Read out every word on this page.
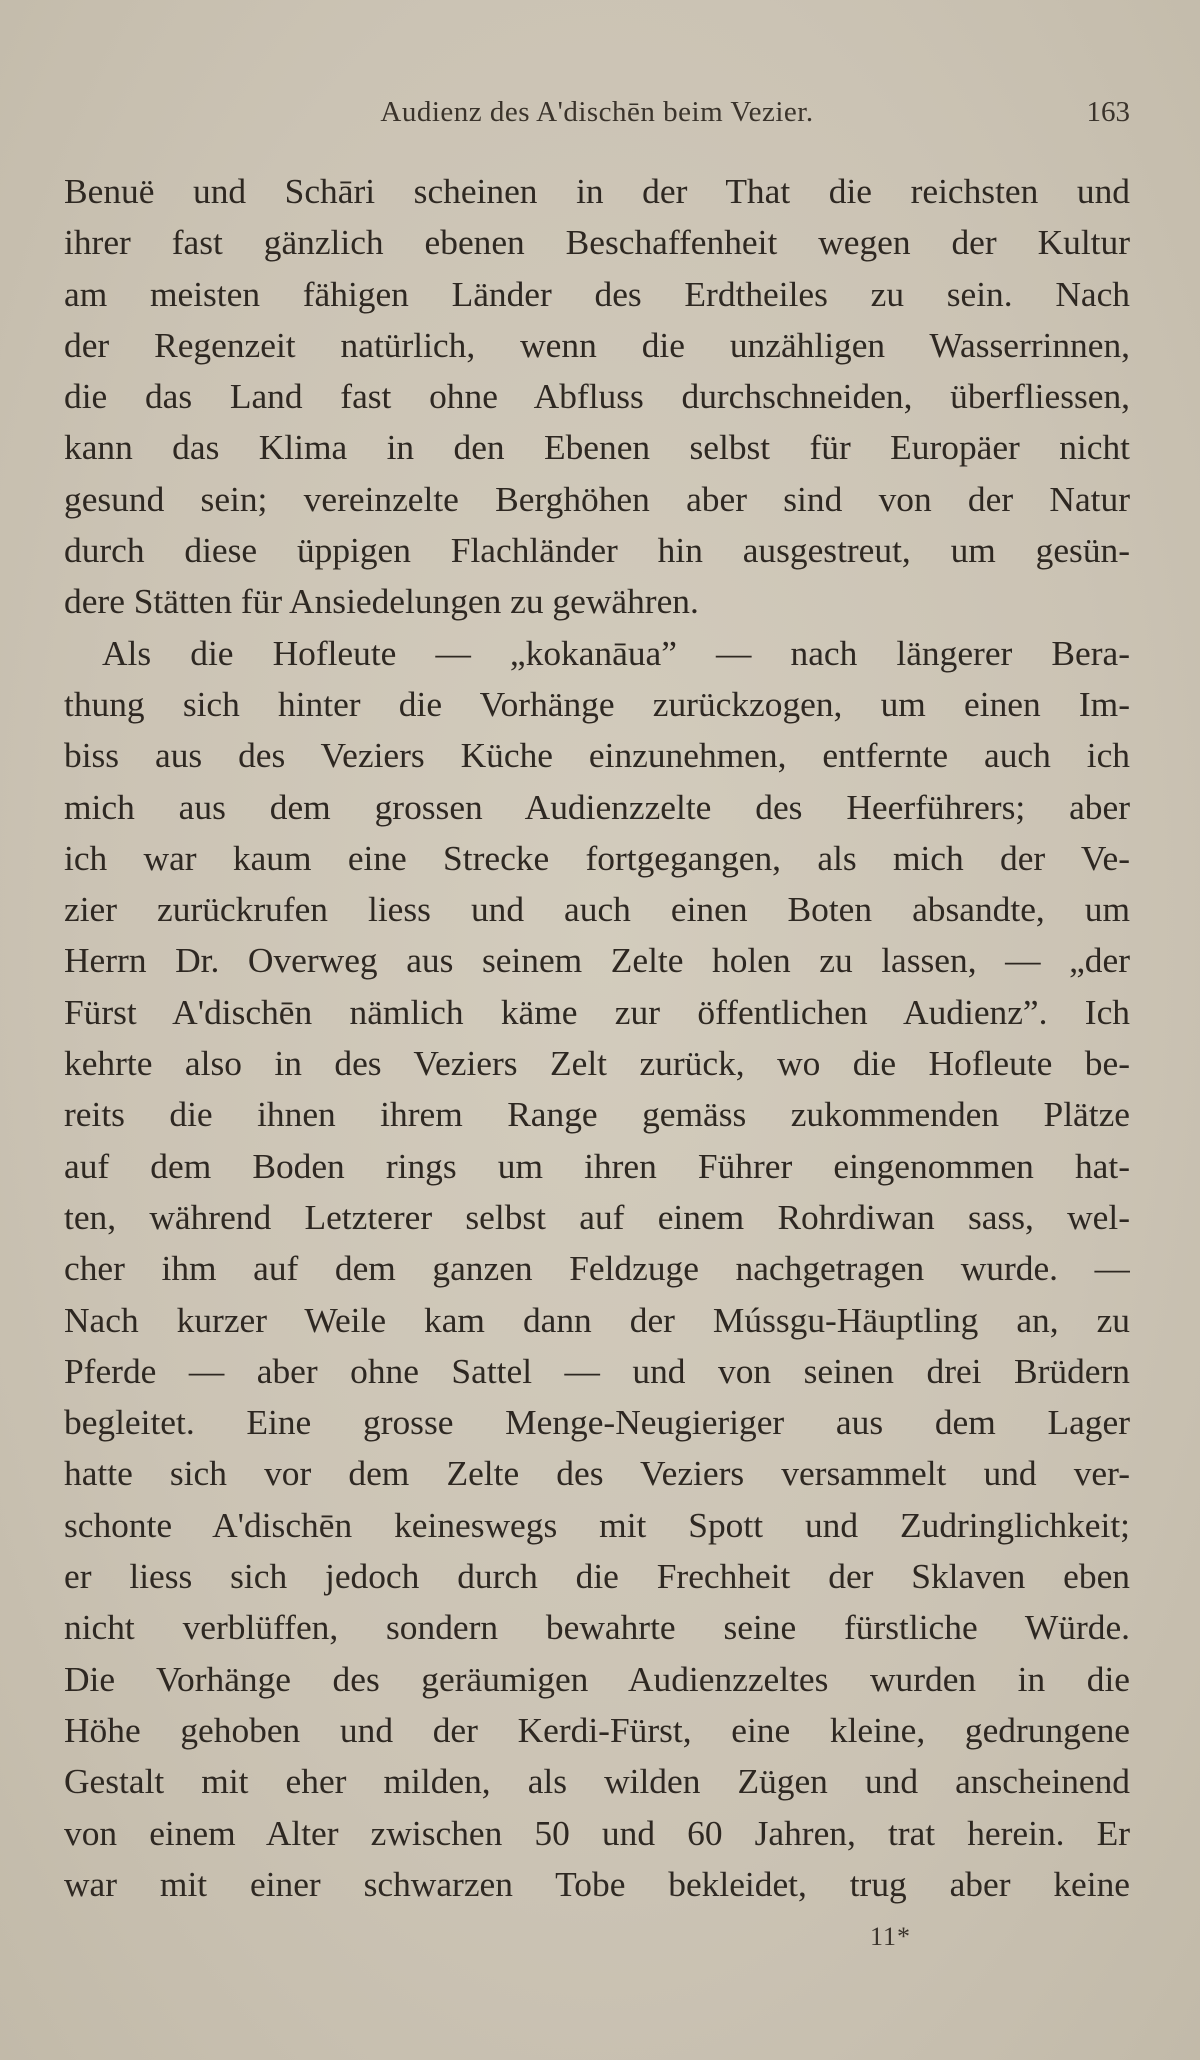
Audienz des A'dischēn beim Vezier.	163
Benuë und Schāri scheinen in der That die reichsten und
ihrer fast gänzlich ebenen Beschaffenheit wegen der Kultur
am meisten fähigen Länder des Erdtheiles zu sein. Nach
der Regenzeit natürlich, wenn die unzähligen Wasserrinnen,
die das Land fast ohne Abfluss durchschneiden, überfliessen,
kann das Klima in den Ebenen selbst für Europäer nicht
gesund sein; vereinzelte Berghöhen aber sind von der Natur
durch diese üppigen Flachländer hin ausgestreut, um gesün-
dere Stätten für Ansiedelungen zu gewähren.
Als die Hofleute — „kokanāua” — nach längerer Bera-
thung sich hinter die Vorhänge zurückzogen, um einen Im-
biss aus des Veziers Küche einzunehmen, entfernte auch ich
mich aus dem grossen Audienzzelte des Heerführers; aber
ich war kaum eine Strecke fortgegangen, als mich der Ve-
zier zurückrufen liess und auch einen Boten absandte, um
Herrn Dr. Overweg aus seinem Zelte holen zu lassen, — „der
Fürst A'dischēn nämlich käme zur öffentlichen Audienz”. Ich
kehrte also in des Veziers Zelt zurück, wo die Hofleute be-
reits die ihnen ihrem Range gemäss zukommenden Plätze
auf dem Boden rings um ihren Führer eingenommen hat-
ten, während Letzterer selbst auf einem Rohrdiwan sass, wel-
cher ihm auf dem ganzen Feldzuge nachgetragen wurde. —
Nach kurzer Weile kam dann der Mússgu-Häuptling an, zu
Pferde — aber ohne Sattel — und von seinen drei Brüdern
begleitet. Eine grosse Menge-Neugieriger aus dem Lager
hatte sich vor dem Zelte des Veziers versammelt und ver-
schonte A'dischēn keineswegs mit Spott und Zudringlichkeit;
er liess sich jedoch durch die Frechheit der Sklaven eben
nicht verblüffen, sondern bewahrte seine fürstliche Würde.
Die Vorhänge des geräumigen Audienzzeltes wurden in die
Höhe gehoben und der Kerdi-Fürst, eine kleine, gedrungene
Gestalt mit eher milden, als wilden Zügen und anscheinend
von einem Alter zwischen 50 und 60 Jahren, trat herein. Er
war mit einer schwarzen Tobe bekleidet, trug aber keine
11*
